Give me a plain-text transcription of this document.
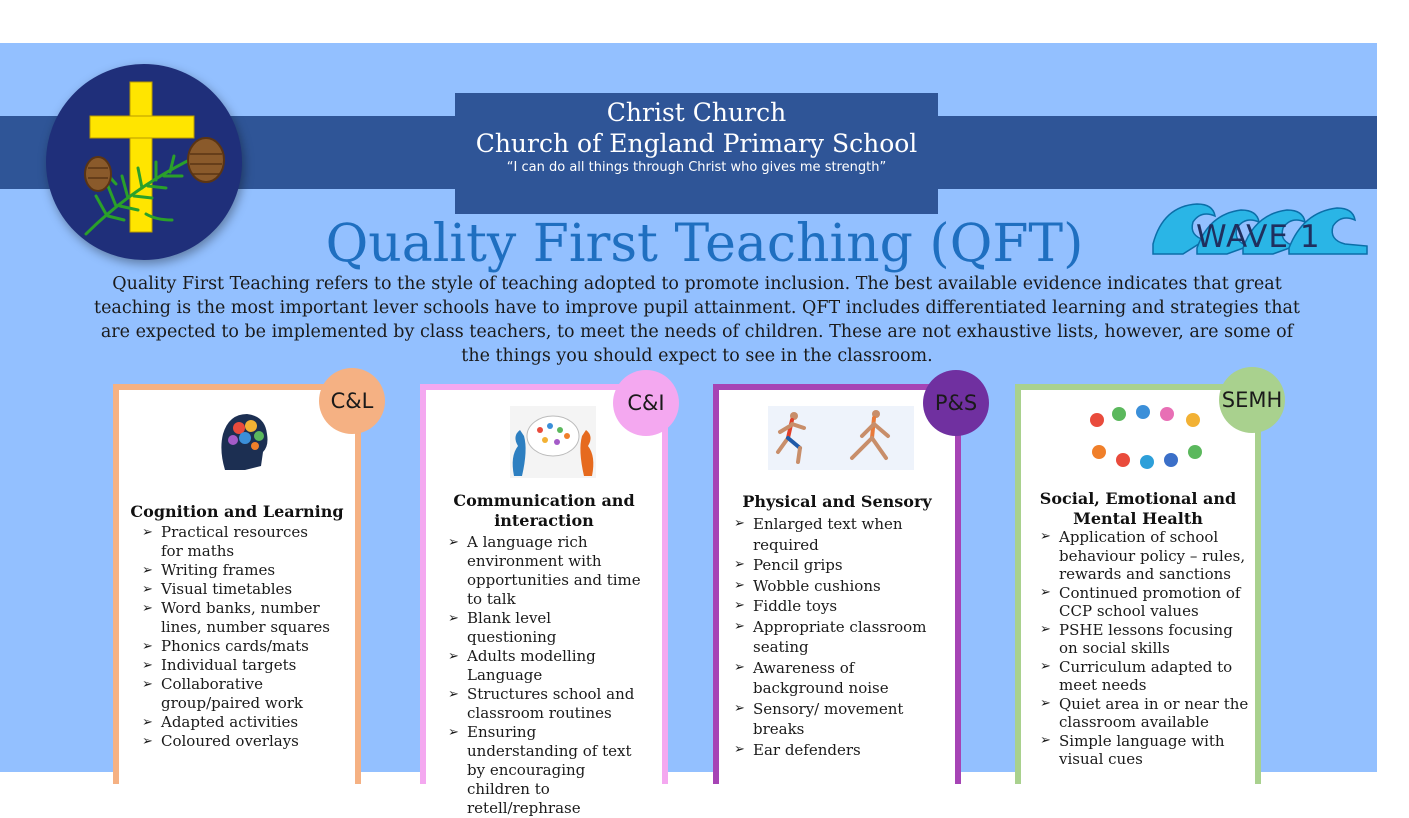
Christ Church
Church of England Primary School
“I can do all things through Christ who gives me strength”
WAVE 1
Quality First Teaching (QFT)
Quality First Teaching refers to the style of teaching adopted to promote inclusion. The best available evidence indicates that great teaching is the most important lever schools have to improve pupil attainment. QFT includes differentiated learning and strategies that are expected to be implemented by class teachers, to meet the needs of children. These are not exhaustive lists, however, are some of the things you should expect to see in the classroom.
C&L
Cognition and Learning
➢ Practical resources for maths
➢ Writing frames
➢ Visual timetables
➢ Word banks, number lines, number squares
➢ Phonics cards/mats
➢ Individual targets
➢ Collaborative group/paired work
➢ Adapted activities
➢ Coloured overlays
C&I
Communication and interaction
➢ A language rich environment with opportunities and time to talk
➢ Blank level questioning
➢ Adults modelling Language
➢ Structures school and classroom routines
➢ Ensuring understanding of text by encouraging children to retell/rephrase
P&S
Physical and Sensory
➢ Enlarged text when required
➢ Pencil grips
➢ Wobble cushions
➢ Fiddle toys
➢ Appropriate classroom seating
➢ Awareness of background noise
➢ Sensory/ movement breaks
➢ Ear defenders
SEMH
Social, Emotional and Mental Health
➢ Application of school behaviour policy – rules, rewards and sanctions
➢ Continued promotion of CCP school values
➢ PSHE lessons focusing on social skills
➢ Curriculum adapted to meet needs
➢ Quiet area in or near the classroom available
➢ Simple language with visual cues
